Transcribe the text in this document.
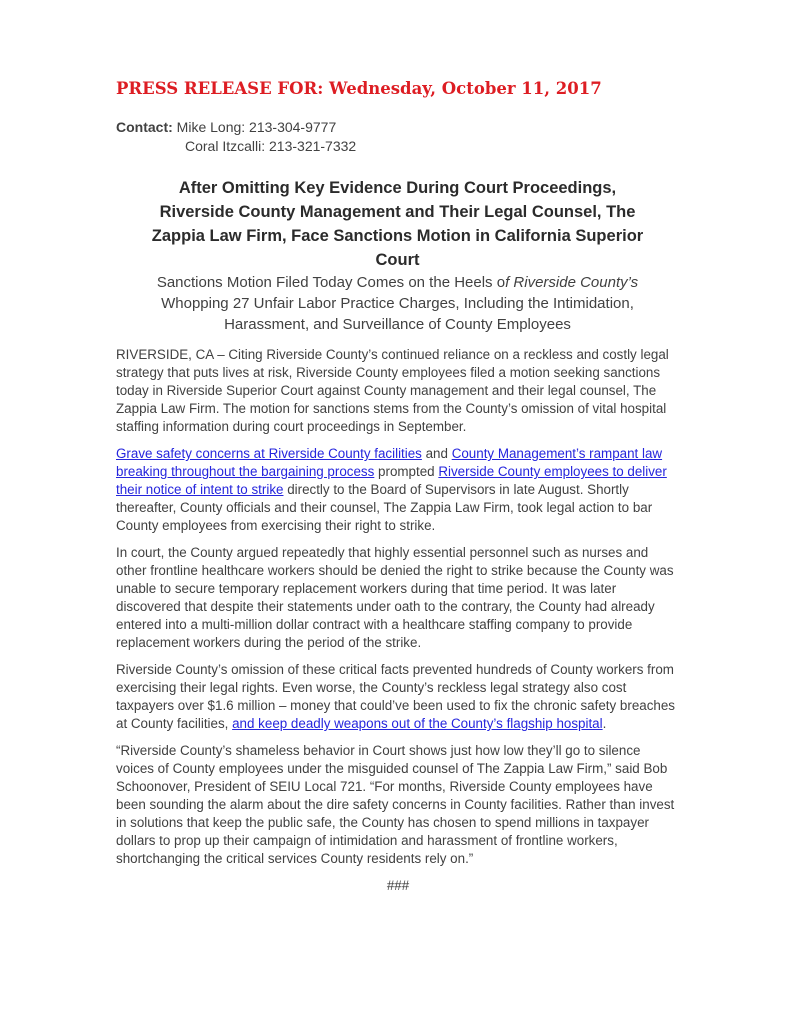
PRESS RELEASE FOR: Wednesday, October 11, 2017
Contact: Mike Long: 213-304-9777
Coral Itzcalli: 213-321-7332
After Omitting Key Evidence During Court Proceedings,
Riverside County Management and Their Legal Counsel, The
Zappia Law Firm, Face Sanctions Motion in California Superior
Court
Sanctions Motion Filed Today Comes on the Heels of Riverside County’s
Whopping 27 Unfair Labor Practice Charges, Including the Intimidation,
Harassment, and Surveillance of County Employees

RIVERSIDE, CA – Citing Riverside County’s continued reliance on a reckless and costly legal strategy that puts lives at risk, Riverside County employees filed a motion seeking sanctions today in Riverside Superior Court against County management and their legal counsel, The Zappia Law Firm. The motion for sanctions stems from the County’s omission of vital hospital staffing information during court proceedings in September.

Grave safety concerns at Riverside County facilities and County Management’s rampant law breaking throughout the bargaining process prompted Riverside County employees to deliver their notice of intent to strike directly to the Board of Supervisors in late August. Shortly thereafter, County officials and their counsel, The Zappia Law Firm, took legal action to bar County employees from exercising their right to strike.

In court, the County argued repeatedly that highly essential personnel such as nurses and other frontline healthcare workers should be denied the right to strike because the County was unable to secure temporary replacement workers during that time period. It was later discovered that despite their statements under oath to the contrary, the County had already entered into a multi-million dollar contract with a healthcare staffing company to provide replacement workers during the period of the strike.

Riverside County’s omission of these critical facts prevented hundreds of County workers from exercising their legal rights. Even worse, the County’s reckless legal strategy also cost taxpayers over $1.6 million – money that could’ve been used to fix the chronic safety breaches at County facilities, and keep deadly weapons out of the County’s flagship hospital.

“Riverside County’s shameless behavior in Court shows just how low they’ll go to silence voices of County employees under the misguided counsel of The Zappia Law Firm,” said Bob Schoonover, President of SEIU Local 721. “For months, Riverside County employees have been sounding the alarm about the dire safety concerns in County facilities. Rather than invest in solutions that keep the public safe, the County has chosen to spend millions in taxpayer dollars to prop up their campaign of intimidation and harassment of frontline workers, shortchanging the critical services County residents rely on.”

###
